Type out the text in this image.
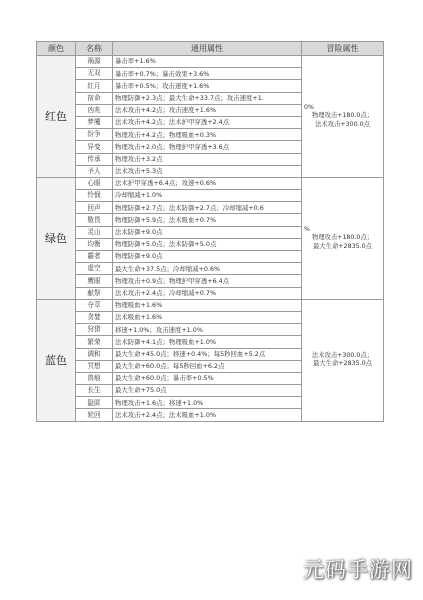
颜色	名称	通用属性	冒险属性
红色	祸源	暴击率+1.6%	0%
物理攻击+180.0点；
法术攻击+300.0点

	无双	暴击率+0.7%；暴击效果+3.6%	
	红月	暴击率+0.5%；攻击速度+1.6%	
	宿命	物理防御+2.3点；最大生命+33.7点；攻击速度+1.	
	凶兆	法术攻击+4.2点；攻击速度+1.6%	
	梦魇	法术攻击+4.2点；法术护甲穿透+2.4点	
	纷争	物理攻击+4.2点；物理吸血+0.3%	
	异变	物理攻击+2.0点；物理护甲穿透+3.6点	
	传承	物理攻击+3.2点	
	圣人	法术攻击+5.3点	
绿色	心眼	法术护甲穿透+6.4点；攻速+0.6%	%
物理攻击+180.0点；
最大生命+2835.0点

	怜悯	冷却缩减+1.0%	
	回声	物理防御+2.7点；法术防御+2.7点；冷却缩减+0.6	
	敬畏	物理防御+5.9点；法术吸血+0.7%	
	灵山	法术防御+9.0点	
	均衡	物理防御+5.0点；法术防御+5.0点	
	霸者	物理防御+9.0点	
	虚空	最大生命+37.5点；冷却缩减+0.6%	
	鹰眼	物理攻击+0.9点；物理护甲穿透+6.4点	
	献祭	法术攻击+2.4点；冷却缩减+0.7%	
蓝色	夺萃	物理吸血+1.6%	法术攻击+300.0点；
最大生命+2835.0点

	贪婪	法术吸血+1.6%	
	狩猎	移速+1.0%；攻击速度+1.0%	
	繁荣	法术防御+4.1点；物理吸血+1.0%	
	调和	最大生命+45.0点；移速+0.4%；每5秒回血+5.2点	
	冥想	最大生命+60.0点；每5秒回血+6.2点	
	兽痕	最大生命+60.0点；暴击率+0.5%	
	长生	最大生命+75.0点	
	隐匿	物理攻击+1.6点；移速+1.0%	
	轮回	法术攻击+2.4点；法术吸血+1.0%	
元码手游网
